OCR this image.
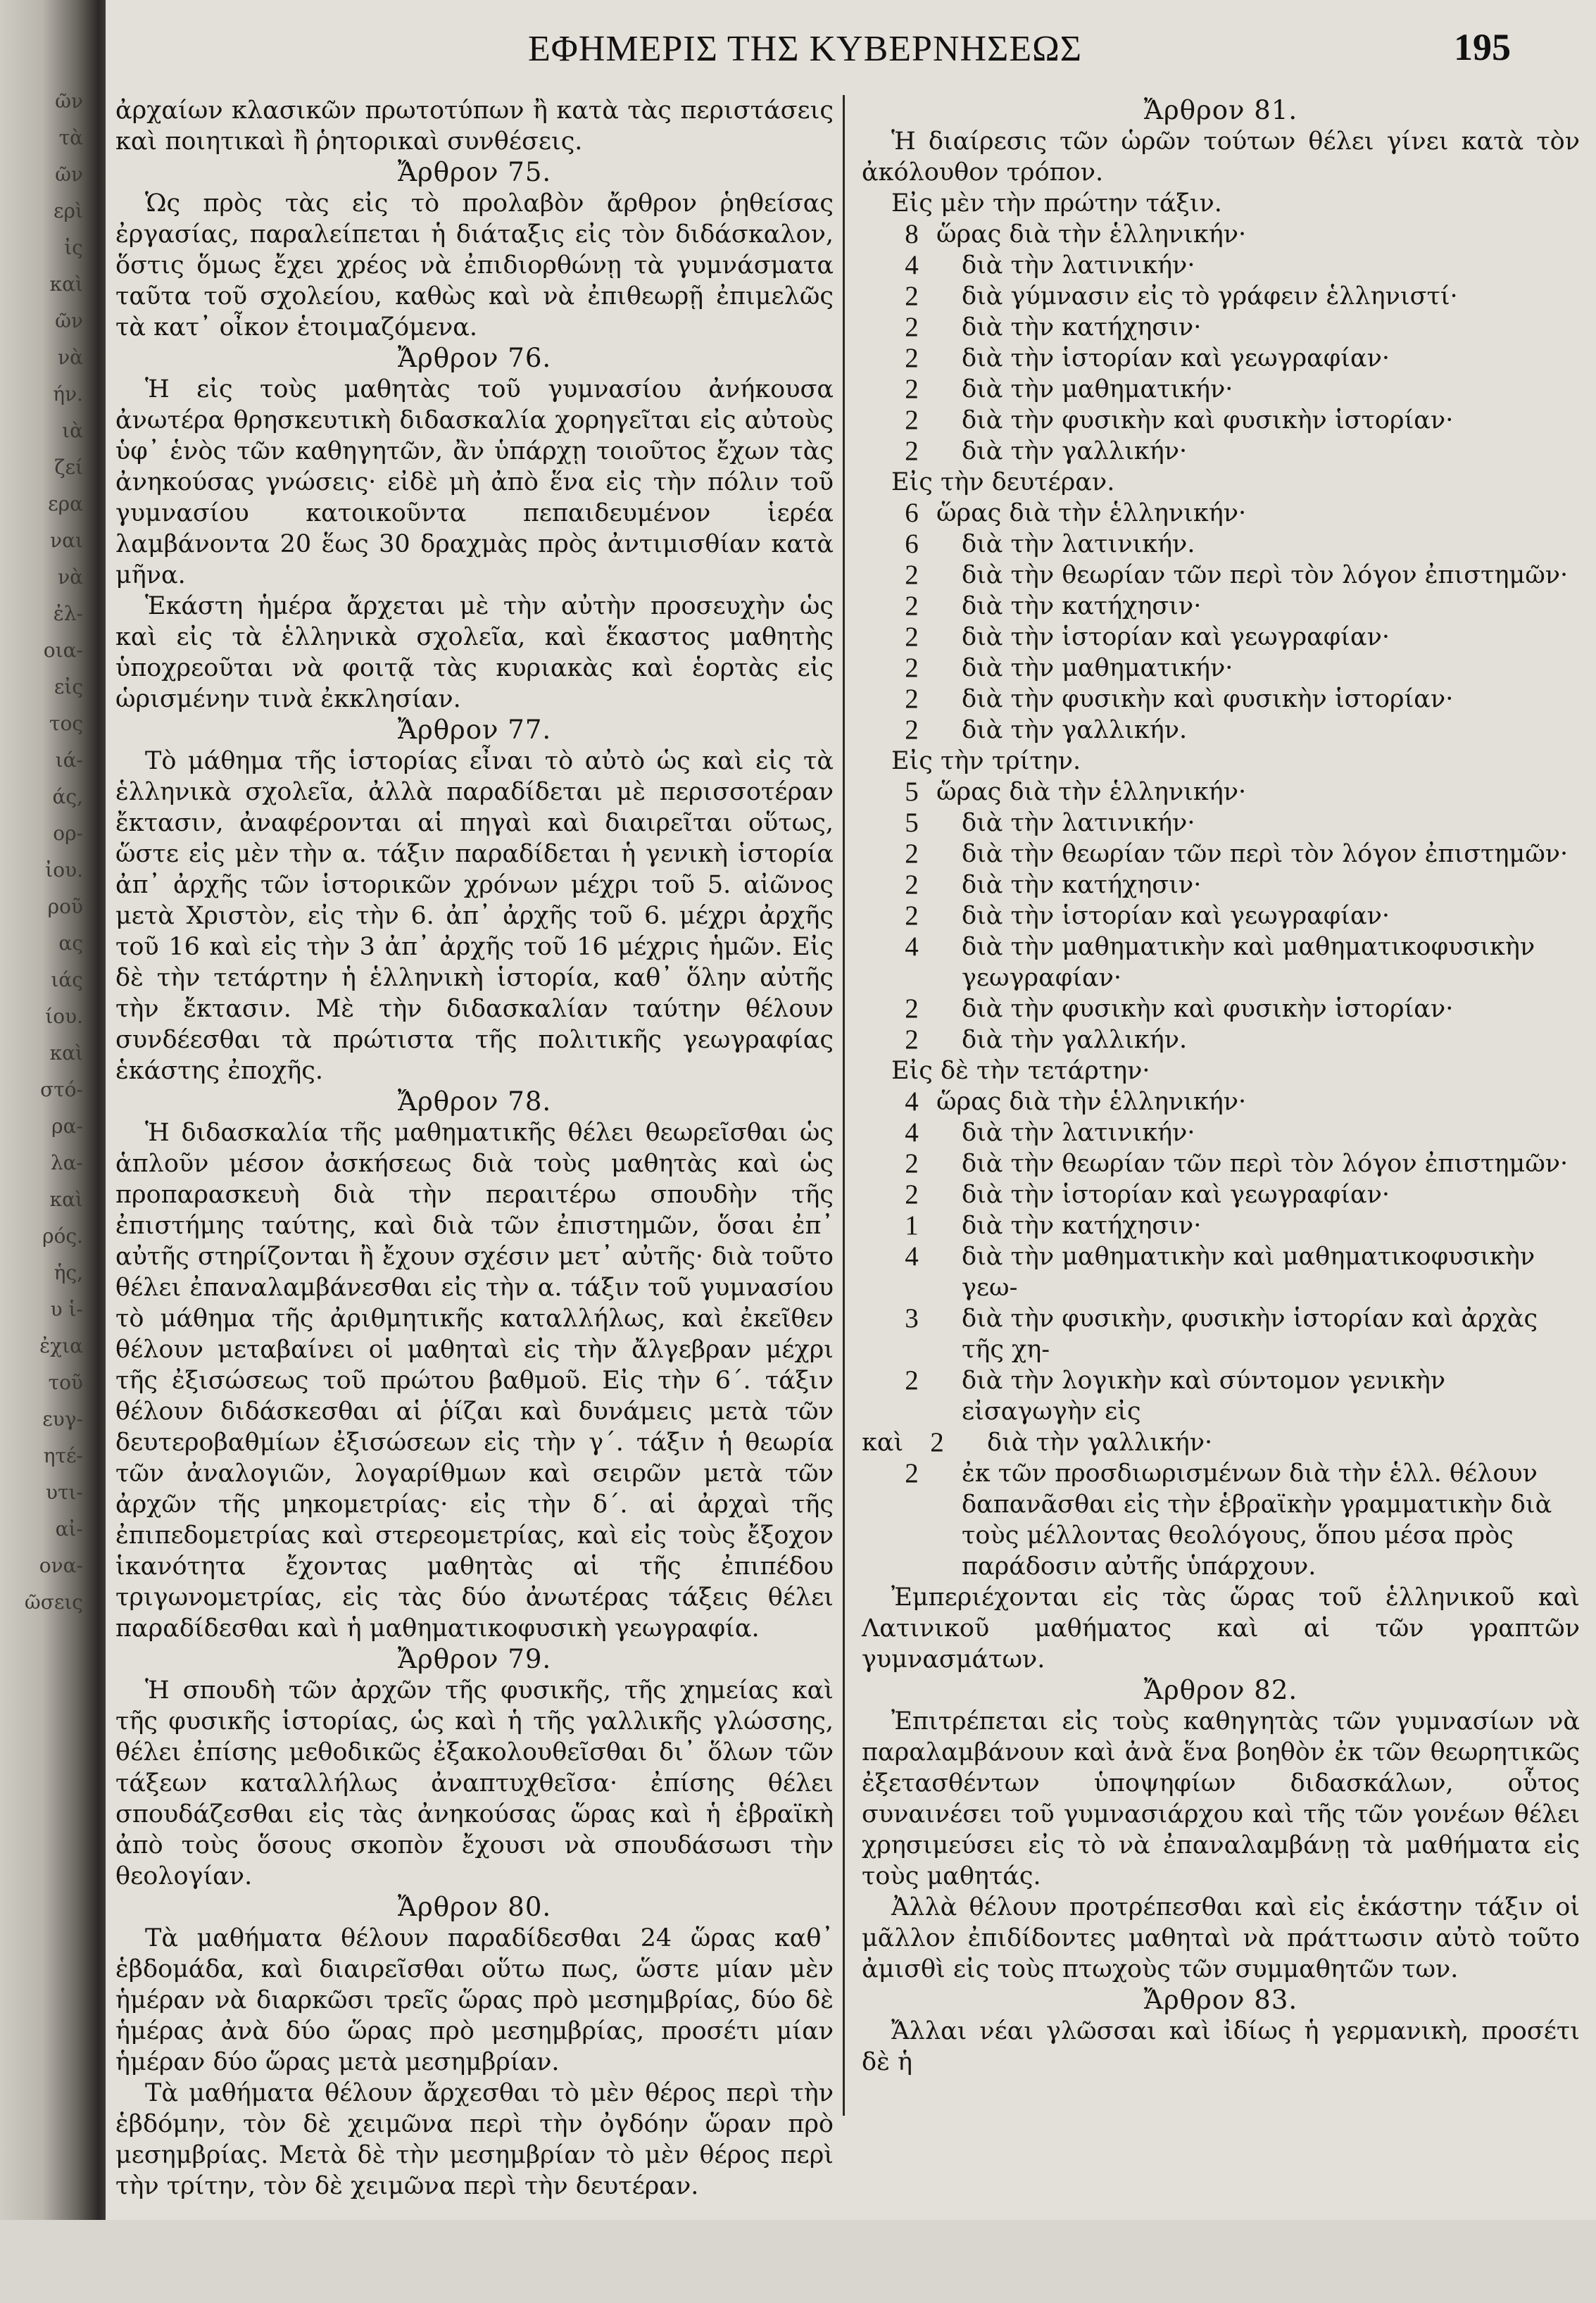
ῶν
τὰ
ῶν
ερὶ
ἰς
καὶ
ῶν
νὰ
ήν.
ιὰ
ζεί
ερα
ναι
νὰ
ἐλ-
οια-
εἰς
τος
ιά-
άς,
ορ-
ἰου.
ροῦ
ας
ιάς
ίου.
καὶ
στό-
ρα-
λα-
καὶ
ρός.
ἡς,
υ ἱ-
ἐχια
τοῦ
ευγ-
ητέ-
υτι-
αἰ-
ονα-
ῶσεις
ΕΦΗΜΕΡΙΣ ΤΗΣ ΚΥΒΕΡΝΗΣΕΩΣ	195

ἀρχαίων κλασικῶν πρωτοτύπων ἢ κατὰ τὰς περιστάσεις καὶ ποιητικαὶ ἢ ῥητορικαὶ συνθέσεις.

Ἄρθρον 75.

Ὡς πρὸς τὰς εἰς τὸ προλαβὸν ἄρθρον ῥηθείσας ἐργασίας, παραλείπεται ἡ διάταξις εἰς τὸν διδάσκαλον, ὅστις ὅμως ἔχει χρέος νὰ ἐπιδιορθώνῃ τὰ γυμνάσματα ταῦτα τοῦ σχολείου, καθὼς καὶ νὰ ἐπιθεωρῇ ἐπιμελῶς τὰ κατ᾽ οἶκον ἑτοιμαζόμενα.

Ἄρθρον 76.

Ἡ εἰς τοὺς μαθητὰς τοῦ γυμνασίου ἀνήκουσα ἀνωτέρα θρησκευτικὴ διδασκαλία χορηγεῖται εἰς αὐτοὺς ὑφ᾽ ἑνὸς τῶν καθηγητῶν, ἂν ὑπάρχῃ τοιοῦτος ἔχων τὰς ἀνηκούσας γνώσεις· εἰδὲ μὴ ἀπὸ ἕνα εἰς τὴν πόλιν τοῦ γυμνασίου κατοικοῦντα πεπαιδευμένον ἱερέα λαμβάνοντα 20 ἕως 30 δραχμὰς πρὸς ἀντιμισθίαν κατὰ μῆνα.

Ἑκάστη ἡμέρα ἄρχεται μὲ τὴν αὐτὴν προσευχὴν ὡς καὶ εἰς τὰ ἑλληνικὰ σχολεῖα, καὶ ἕκαστος μαθητὴς ὑποχρεοῦται νὰ φοιτᾷ τὰς κυριακὰς καὶ ἑορτὰς εἰς ὡρισμένην τινὰ ἐκκλησίαν.

Ἄρθρον 77.

Τὸ μάθημα τῆς ἱστορίας εἶναι τὸ αὐτὸ ὡς καὶ εἰς τὰ ἑλληνικὰ σχολεῖα, ἀλλὰ παραδίδεται μὲ περισσοτέραν ἔκτασιν, ἀναφέρονται αἱ πηγαὶ καὶ διαιρεῖται οὕτως, ὥστε εἰς μὲν τὴν α. τάξιν παραδίδεται ἡ γενικὴ ἱστορία ἀπ᾽ ἀρχῆς τῶν ἱστορικῶν χρόνων μέχρι τοῦ 5. αἰῶνος μετὰ Χριστὸν, εἰς τὴν 6. ἀπ᾽ ἀρχῆς τοῦ 6. μέχρι ἀρχῆς τοῦ 16 καὶ εἰς τὴν 3 ἀπ᾽ ἀρχῆς τοῦ 16 μέχρις ἡμῶν. Εἰς δὲ τὴν τετάρτην ἡ ἑλληνικὴ ἱστορία, καθ᾽ ὅλην αὐτῆς τὴν ἔκτασιν. Μὲ τὴν διδασκαλίαν ταύτην θέλουν συνδέεσθαι τὰ πρώτιστα τῆς πολιτικῆς γεωγραφίας ἑκάστης ἐποχῆς.

Ἄρθρον 78.

Ἡ διδασκαλία τῆς μαθηματικῆς θέλει θεωρεῖσθαι ὡς ἁπλοῦν μέσον ἀσκήσεως διὰ τοὺς μαθητὰς καὶ ὡς προπαρασκευὴ διὰ τὴν περαιτέρω σπουδὴν τῆς ἐπιστήμης ταύτης, καὶ διὰ τῶν ἐπιστημῶν, ὅσαι ἐπ᾽ αὐτῆς στηρίζονται ἢ ἔχουν σχέσιν μετ᾽ αὐτῆς· διὰ τοῦτο θέλει ἐπαναλαμβάνεσθαι εἰς τὴν α. τάξιν τοῦ γυμνασίου τὸ μάθημα τῆς ἀριθμητικῆς καταλλήλως, καὶ ἐκεῖθεν θέλουν μεταβαίνει οἱ μαθηταὶ εἰς τὴν ἄλγεβραν μέχρι τῆς ἐξισώσεως τοῦ πρώτου βαθμοῦ. Εἰς τὴν 6΄. τάξιν θέλουν διδάσκεσθαι αἱ ῥίζαι καὶ δυνάμεις μετὰ τῶν δευτεροβαθμίων ἐξισώσεων εἰς τὴν γ΄. τάξιν ἡ θεωρία τῶν ἀναλογιῶν, λογαρίθμων καὶ σειρῶν μετὰ τῶν ἀρχῶν τῆς μηκομετρίας· εἰς τὴν δ΄. αἱ ἀρχαὶ τῆς ἐπιπεδομετρίας καὶ στερεομετρίας, καὶ εἰς τοὺς ἔξοχον ἱκανότητα ἔχοντας μαθητὰς αἱ τῆς ἐπιπέδου τριγωνομετρίας, εἰς τὰς δύο ἀνωτέρας τάξεις θέλει παραδίδεσθαι καὶ ἡ μαθηματικοφυσικὴ γεωγραφία.

Ἄρθρον 79.

Ἡ σπουδὴ τῶν ἀρχῶν τῆς φυσικῆς, τῆς χημείας καὶ τῆς φυσικῆς ἱστορίας, ὡς καὶ ἡ τῆς γαλλικῆς γλώσσης, θέλει ἐπίσης μεθοδικῶς ἐξακολουθεῖσθαι δι᾽ ὅλων τῶν τάξεων καταλλήλως ἀναπτυχθεῖσα· ἐπίσης θέλει σπουδάζεσθαι εἰς τὰς ἀνηκούσας ὥρας καὶ ἡ ἑβραϊκὴ ἀπὸ τοὺς ὅσους σκοπὸν ἔχουσι νὰ σπουδάσωσι τὴν θεολογίαν.

Ἄρθρον 80.

Τὰ μαθήματα θέλουν παραδίδεσθαι 24 ὥρας καθ᾽ ἑβδομάδα, καὶ διαιρεῖσθαι οὕτω πως, ὥστε μίαν μὲν ἡμέραν νὰ διαρκῶσι τρεῖς ὥρας πρὸ μεσημβρίας, δύο δὲ ἡμέρας ἀνὰ δύο ὥρας πρὸ μεσημβρίας, προσέτι μίαν ἡμέραν δύο ὥρας μετὰ μεσημβρίαν.

Τὰ μαθήματα θέλουν ἄρχεσθαι τὸ μὲν θέρος περὶ τὴν ἑβδόμην, τὸν δὲ χειμῶνα περὶ τὴν ὀγδόην ὥραν πρὸ μεσημβρίας. Μετὰ δὲ τὴν μεσημβρίαν τὸ μὲν θέρος περὶ τὴν τρίτην, τὸν δὲ χειμῶνα περὶ τὴν δευτέραν.

Ἄρθρον 81.

Ἡ διαίρεσις τῶν ὡρῶν τούτων θέλει γίνει κατὰ τὸν ἀκόλουθον τρόπον.

Εἰς μὲν τὴν πρώτην τάξιν.

8 ὥρας διὰ τὴν ἑλληνικήν·
4	διὰ τὴν λατινικήν·
2	διὰ γύμνασιν εἰς τὸ γράφειν ἑλληνιστί·
2	διὰ τὴν κατήχησιν·
2	διὰ τὴν ἱστορίαν καὶ γεωγραφίαν·
2	διὰ τὴν μαθηματικήν·
2	διὰ τὴν φυσικὴν καὶ φυσικὴν ἱστορίαν·
2	διὰ τὴν γαλλικήν·

Εἰς τὴν δευτέραν.

6 ὥρας διὰ τὴν ἑλληνικήν·
6	διὰ τὴν λατινικήν.
2	διὰ τὴν θεωρίαν τῶν περὶ τὸν λόγον ἐπιστημῶν·
2	διὰ τὴν κατήχησιν·
2	διὰ τὴν ἱστορίαν καὶ γεωγραφίαν·
2	διὰ τὴν μαθηματικήν·
2	διὰ τὴν φυσικὴν καὶ φυσικὴν ἱστορίαν·
2	διὰ τὴν γαλλικήν.

Εἰς τὴν τρίτην.

5 ὥρας διὰ τὴν ἑλληνικήν·
5	διὰ τὴν λατινικήν·
2	διὰ τὴν θεωρίαν τῶν περὶ τὸν λόγον ἐπιστημῶν·
2	διὰ τὴν κατήχησιν·
2	διὰ τὴν ἱστορίαν καὶ γεωγραφίαν·
4	διὰ τὴν μαθηματικὴν καὶ μαθηματικοφυσικὴν γεωγραφίαν·
2	διὰ τὴν φυσικὴν καὶ φυσικὴν ἱστορίαν·
2	διὰ τὴν γαλλικήν.

Εἰς δὲ τὴν τετάρτην·

4 ὥρας διὰ τὴν ἑλληνικήν·
4	διὰ τὴν λατινικήν·
2	διὰ τὴν θεωρίαν τῶν περὶ τὸν λόγον ἐπιστημῶν·
2	διὰ τὴν ἱστορίαν καὶ γεωγραφίαν·
1	διὰ τὴν κατήχησιν·
4	διὰ τὴν μαθηματικὴν καὶ μαθηματικοφυσικὴν γεω-
3	διὰ τὴν φυσικὴν, φυσικὴν ἱστορίαν καὶ ἀρχὰς τῆς χη-
2	διὰ τὴν λογικὴν καὶ σύντομον γενικὴν εἰσαγωγὴν εἰς
καὶ 2	διὰ τὴν γαλλικήν·
2	ἐκ τῶν προσδιωρισμένων διὰ τὴν ἑλλ. θέλουν δαπανᾶσθαι εἰς τὴν ἑβραϊκὴν γραμματικὴν διὰ τοὺς μέλλοντας θεολόγους, ὅπου μέσα πρὸς παράδοσιν αὐτῆς ὑπάρχουν.

Ἐμπεριέχονται εἰς τὰς ὥρας τοῦ ἑλληνικοῦ καὶ Λατινικοῦ μαθήματος καὶ αἱ τῶν γραπτῶν γυμνασμάτων.

Ἄρθρον 82.

Ἐπιτρέπεται εἰς τοὺς καθηγητὰς τῶν γυμνασίων νὰ παραλαμβάνουν καὶ ἀνὰ ἕνα βοηθὸν ἐκ τῶν θεωρητικῶς ἐξετασθέντων ὑποψηφίων διδασκάλων, οὗτος συναινέσει τοῦ γυμνασιάρχου καὶ τῆς τῶν γονέων θέλει χρησιμεύσει εἰς τὸ νὰ ἐπαναλαμβάνῃ τὰ μαθήματα εἰς τοὺς μαθητάς.

Ἀλλὰ θέλουν προτρέπεσθαι καὶ εἰς ἑκάστην τάξιν οἱ μᾶλλον ἐπιδίδοντες μαθηταὶ νὰ πράττωσιν αὐτὸ τοῦτο ἀμισθὶ εἰς τοὺς πτωχοὺς τῶν συμμαθητῶν των.

Ἄρθρον 83.

Ἄλλαι νέαι γλῶσσαι καὶ ἰδίως ἡ γερμανικὴ, προσέτι δὲ ἡ
